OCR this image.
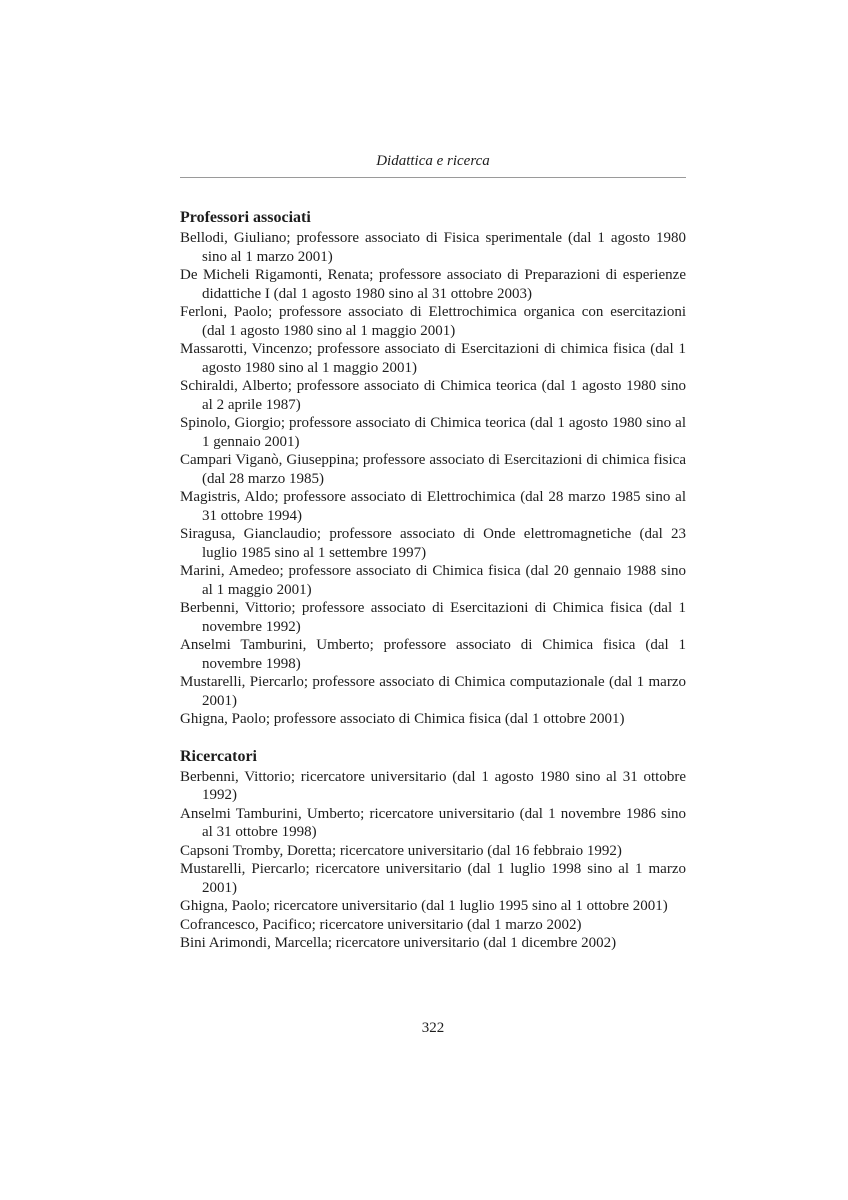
Didattica e ricerca

Professori associati

Bellodi, Giuliano; professore associato di Fisica sperimentale (dal 1 agosto 1980 sino al 1 marzo 2001)

De Micheli Rigamonti, Renata; professore associato di Preparazioni di esperienze didattiche I (dal 1 agosto 1980 sino al 31 ottobre 2003)

Ferloni, Paolo; professore associato di Elettrochimica organica con esercitazioni (dal 1 agosto 1980 sino al 1 maggio 2001)

Massarotti, Vincenzo; professore associato di Esercitazioni di chimica fisica (dal 1 agosto 1980 sino al 1 maggio 2001)

Schiraldi, Alberto; professore associato di Chimica teorica (dal 1 agosto 1980 sino al 2 aprile 1987)

Spinolo, Giorgio; professore associato di Chimica teorica (dal 1 agosto 1980 sino al 1 gennaio 2001)

Campari Viganò, Giuseppina; professore associato di Esercitazioni di chimica fisica (dal 28 marzo 1985)

Magistris, Aldo; professore associato di Elettrochimica (dal 28 marzo 1985 sino al 31 ottobre 1994)

Siragusa, Gianclaudio; professore associato di Onde elettromagnetiche (dal 23 luglio 1985 sino al 1 settembre 1997)

Marini, Amedeo; professore associato di Chimica fisica (dal 20 gennaio 1988 sino al 1 maggio 2001)

Berbenni, Vittorio; professore associato di Esercitazioni di Chimica fisica (dal 1 novembre 1992)

Anselmi Tamburini, Umberto; professore associato di Chimica fisica (dal 1 novembre 1998)

Mustarelli, Piercarlo; professore associato di Chimica computazionale (dal 1 marzo 2001)

Ghigna, Paolo; professore associato di Chimica fisica (dal 1 ottobre 2001)

Ricercatori

Berbenni, Vittorio; ricercatore universitario (dal 1 agosto 1980 sino al 31 ottobre 1992)

Anselmi Tamburini, Umberto; ricercatore universitario (dal 1 novembre 1986 sino al 31 ottobre 1998)

Capsoni Tromby, Doretta; ricercatore universitario (dal 16 febbraio 1992)

Mustarelli, Piercarlo; ricercatore universitario (dal 1 luglio 1998 sino al 1 marzo 2001)

Ghigna, Paolo; ricercatore universitario (dal 1 luglio 1995 sino al 1 ottobre 2001)

Cofrancesco, Pacifico; ricercatore universitario (dal 1 marzo 2002)

Bini Arimondi, Marcella; ricercatore universitario (dal 1 dicembre 2002)

322
